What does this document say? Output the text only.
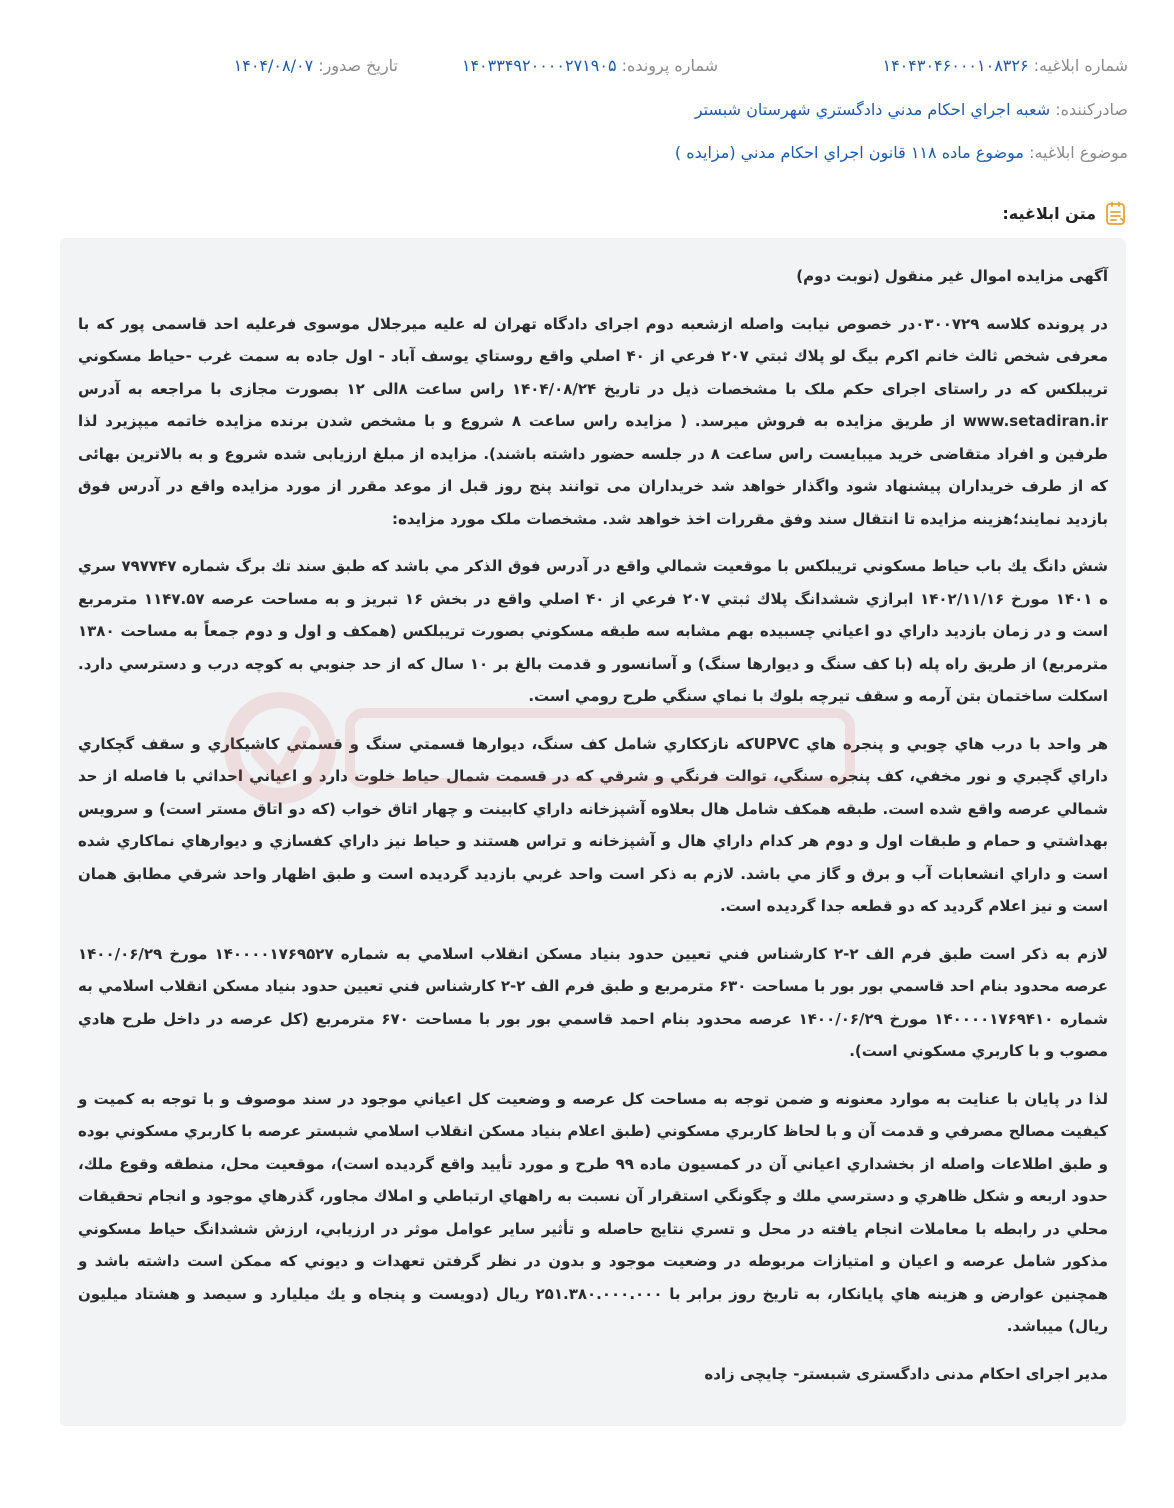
شماره ابلاغیه: ۱۴۰۴۳۰۴۶۰۰۰۱۰۸۳۲۶
شماره پرونده: ۱۴۰۳۳۴۹۲۰۰۰۰۲۷۱۹۰۵
تاریخ صدور: ۱۴۰۴/۰۸/۰۷
صادرکننده: شعبه اجراي احكام مدني دادگستري شهرستان شبستر
موضوع ابلاغیه: موضوع ماده ۱۱۸ قانون اجراي احكام مدني (مزايده )
متن ابلاغیه:

آگهی مزایده اموال غیر منقول (نوبت دوم)

در پرونده کلاسه ۰۳۰۰۷۲۹در خصوص نیابت واصله ازشعبه دوم اجرای دادگاه تهران له علیه میرجلال موسوی فرعلیه احد قاسمی پور که با معرفی شخص ثالث خانم اکرم بیگ لو پلاك ثبتي ۲۰۷ فرعي از ۴۰ اصلي واقع روستاي یوسف آباد - اول جاده به سمت غرب -حیاط مسکوني تریبلکس که در راستای اجرای حکم ملک با مشخصات ذیل در تاریخ ۱۴۰۴/۰۸/۲۴ راس ساعت ۸الی ۱۲ بصورت مجازی با مراجعه به آدرس www.setadiran.ir از طریق مزایده به فروش میرسد. ( مزایده راس ساعت ۸ شروع و با مشخص شدن برنده مزایده خاتمه میپزیرد لذا طرفین و افراد متقاضی خرید میبایست راس ساعت ۸ در جلسه حضور داشته باشند). مزایده از مبلغ ارزیابی شده شروع و به بالاترین بهائی که از طرف خریداران پیشنهاد شود واگذار خواهد شد خریداران می توانند پنج روز قبل از موعد مقرر از مورد مزایده واقع در آدرس فوق بازدید نمایند؛هزینه مزایده تا انتقال سند وفق مقررات اخذ خواهد شد. مشخصات ملک مورد مزایده:

شش دانگ يك باب حياط مسكوني تريبلكس با موقعيت شمالي واقع در آدرس فوق الذكر مي باشد كه طبق سند تك برگ شماره ۷۹۷۷۴۷ سري ه ۱۴۰۱ مورخ ۱۴۰۲/۱۱/۱۶ ابرازي ششدانگ پلاك ثبتي ۲۰۷ فرعي از ۴۰ اصلي واقع در بخش ۱۶ تبريز و به مساحت عرصه ۱۱۴۷.۵۷ مترمربع است و در زمان بازديد داراي دو اعياني چسبيده بهم مشابه سه طبقه مسكوني بصورت تريبلكس (همكف و اول و دوم جمعاً به مساحت ۱۳۸۰ مترمربع) از طريق راه پله (با كف سنگ و ديوارها سنگ) و آسانسور و قدمت بالغ بر ۱۰ سال كه از حد جنوبي به كوچه درب و دسترسي دارد. اسكلت ساختمان بتن آرمه و سقف تيرچه بلوك با نماي سنگي طرح رومي است.

هر واحد با درب هاي چوبي و پنجره هاي UPVCكه نازككاري شامل كف سنگ، ديوارها قسمتي سنگ و قسمتي كاشيكاري و سقف گچكاري داراي گچبري و نور مخفي، كف پنجره سنگي، توالت فرنگي و شرقي كه در قسمت شمال حياط خلوت دارد و اعياني احداثي با فاصله از حد شمالي عرصه واقع شده است. طبقه همكف شامل هال بعلاوه آشپزخانه داراي كابينت و چهار اتاق خواب (كه دو اتاق مستر است) و سرويس بهداشتي و حمام و طبقات اول و دوم هر كدام داراي هال و آشپزخانه و تراس هستند و حياط نيز داراي كفسازي و ديوارهاي نماكاري شده است و داراي انشعابات آب و برق و گاز مي باشد. لازم به ذكر است واحد غربي بازديد گرديده است و طبق اظهار واحد شرقي مطابق همان است و نيز اعلام گرديد كه دو قطعه جدا گرديده است.

لازم به ذکر است طبق فرم الف ۲-۲ كارشناس فني تعيين حدود بنياد مسكن انقلاب اسلامي به شماره ۱۴۰۰۰۰۱۷۶۹۵۲۷ مورخ ۱۴۰۰/۰۶/۲۹ عرصه محدود بنام احد قاسمي بور بور با مساحت ۶۳۰ مترمربع و طبق فرم الف ۲-۲ كارشناس فني تعيين حدود بنياد مسكن انقلاب اسلامي به شماره ۱۴۰۰۰۰۱۷۶۹۴۱۰ مورخ ۱۴۰۰/۰۶/۲۹ عرصه محدود بنام احمد قاسمي بور بور با مساحت ۶۷۰ مترمربع (كل عرصه در داخل طرح هادي مصوب و با كاربري مسكوني است).

لذا در پايان با عنايت به موارد معنونه و ضمن توجه به مساحت كل عرصه و وضعيت كل اعياني موجود در سند موصوف و با توجه به كميت و كيفيت مصالح مصرفي و قدمت آن و با لحاظ كاربري مسكوني (طبق اعلام بنياد مسكن انقلاب اسلامي شبستر عرصه با كاربري مسكوني بوده و طبق اطلاعات واصله از بخشداري اعياني آن در كمسيون ماده ۹۹ طرح و مورد تأييد واقع گرديده است)، موقعيت محل، منطقه وقوع ملك، حدود اربعه و شكل ظاهري و دسترسي ملك و چگونگي استقرار آن نسبت به راههاي ارتباطي و املاك مجاور، گذرهاي موجود و انجام تحقيقات محلي در رابطه با معاملات انجام يافته در محل و تسري نتايج حاصله و تأثير ساير عوامل موثر در ارزيابي، ارزش ششدانگ حياط مسكوني مذكور شامل عرصه و اعيان و امتيازات مربوطه در وضعيت موجود و بدون در نظر گرفتن تعهدات و ديوني كه ممكن است داشته باشد و همچنين عوارض و هزينه هاي پايانكار، به تاريخ روز برابر با ۲۵۱.۳۸۰.۰۰۰.۰۰۰ ريال (دويست و پنجاه و يك ميليارد و سيصد و هشتاد ميليون ريال) ميباشد.

مدیر اجرای احکام مدنی دادگستری شبستر- چایچی زاده
